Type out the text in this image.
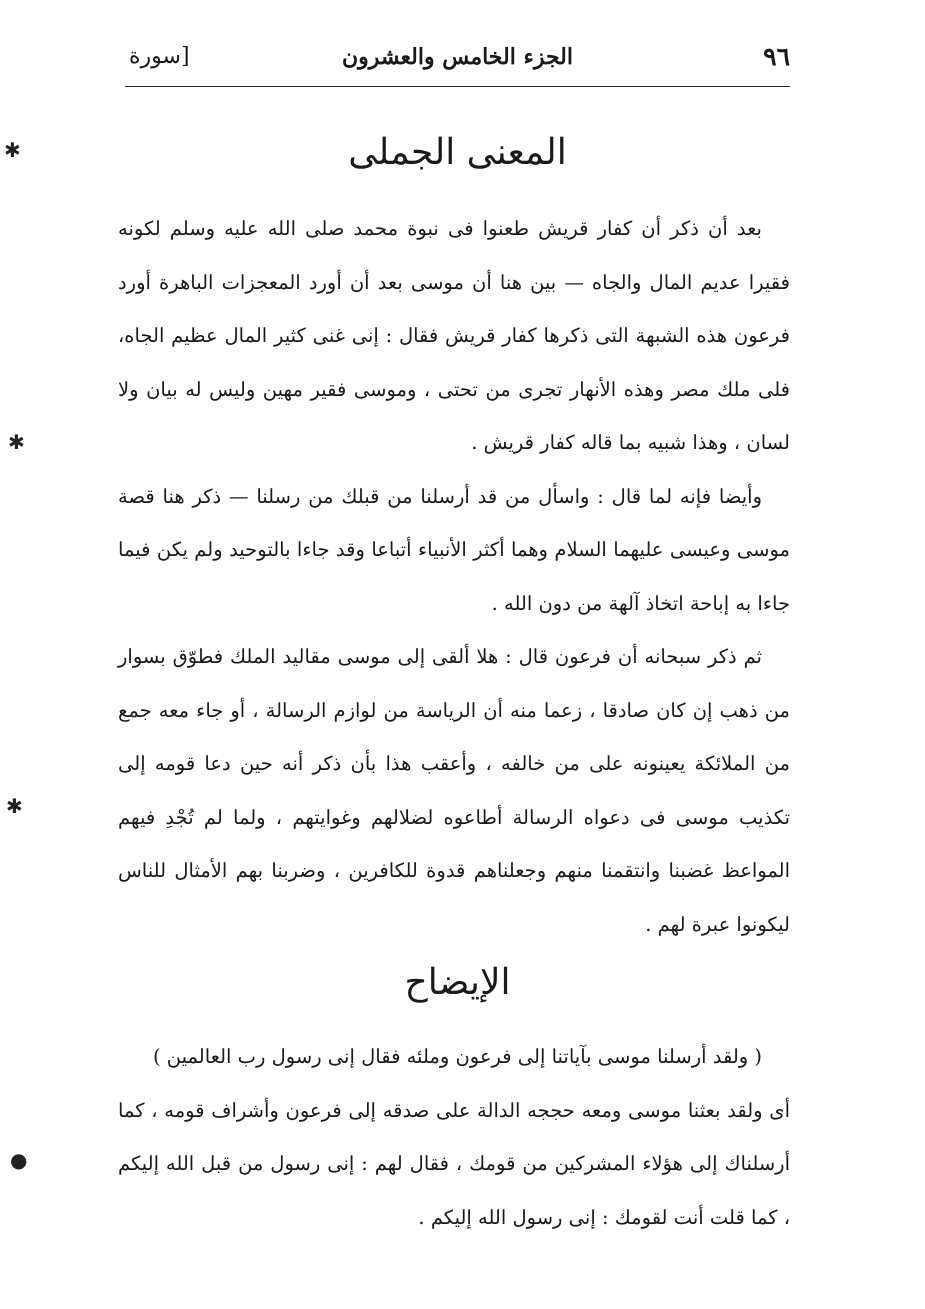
٩٦
الجزء الخامس والعشرون
[سورة
المعنى الجملى

بعد أن ذكر أن كفار قريش طعنوا فى نبوة محمد صلى الله عليه وسلم لكونه فقيرا عديم المال والجاه — بين هنا أن موسى بعد أن أورد المعجزات الباهرة أورد فرعون هذه الشبهة التى ذكرها كفار قريش فقال : إنى غنى كثير المال عظيم الجاه، فلى ملك مصر وهذه الأنهار تجرى من تحتى ، وموسى فقير مهين وليس له بيان ولا لسان ، وهذا شبيه بما قاله كفار قريش .

وأيضا فإنه لما قال : واسأل من قد أرسلنا من قبلك من رسلنا — ذكر هنا قصة موسى وعيسى عليهما السلام وهما أكثر الأنبياء أتباعا وقد جاءا بالتوحيد ولم يكن فيما جاءا به إباحة اتخاذ آلهة من دون الله .

ثم ذكر سبحانه أن فرعون قال : هلا ألقى إلى موسى مقاليد الملك فطوّق بسوار من ذهب إن كان صادقا ، زعما منه أن الرياسة من لوازم الرسالة ، أو جاء معه جمع من الملائكة يعينونه على من خالفه ، وأعقب هذا بأن ذكر أنه حين دعا قومه إلى تكذيب موسى فى دعواه الرسالة أطاعوه لضلالهم وغوايتهم ، ولما لم تُجْدِ فيهم المواعظ غضبنا وانتقمنا منهم وجعلناهم قدوة للكافرين ، وضربنا بهم الأمثال للناس ليكونوا عبرة لهم .

الإيضاح

( ولقد أرسلنا موسى بآياتنا إلى فرعون وملئه فقال إنى رسول رب العالمين )

أى ولقد بعثنا موسى ومعه حججه الدالة على صدقه إلى فرعون وأشراف قومه ، كما أرسلناك إلى هؤلاء المشركين من قومك ، فقال لهم : إنى رسول من قبل الله إليكم ، كما قلت أنت لقومك : إنى رسول الله إليكم .

✱
✱
✱
●
